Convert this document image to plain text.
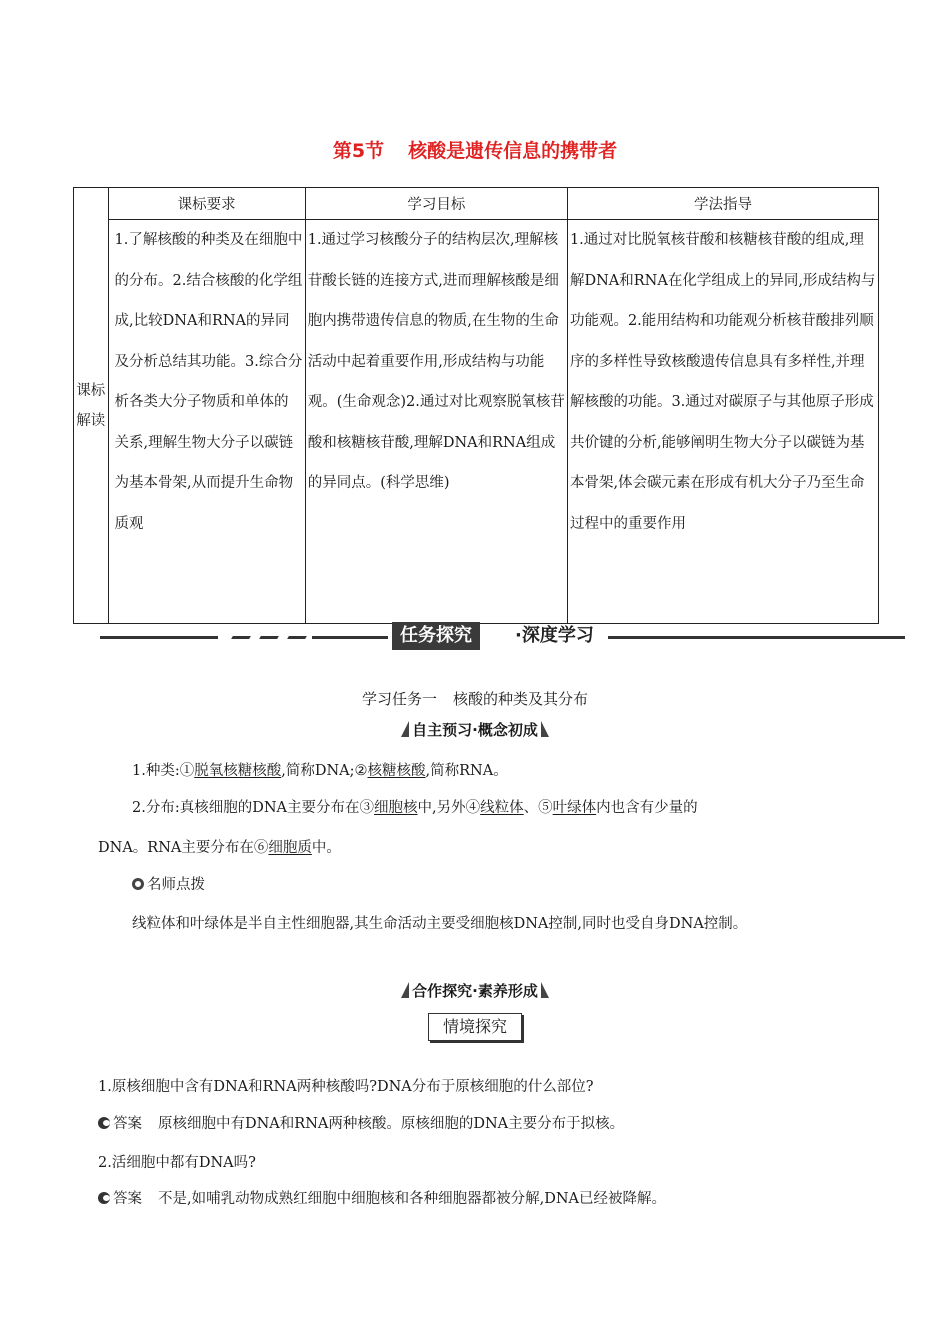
第5节 核酸是遗传信息的携带者
课标
解读	课标要求	学习目标	学法指导
	1.了解核酸的种类及在细胞中的分布。2.结合核酸的化学组成,比较DNA和RNA的异同及分析总结其功能。3.综合分析各类大分子物质和单体的关系,理解生物大分子以碳链为基本骨架,从而提升生命物质观	1.通过学习核酸分子的结构层次,理解核苷酸长链的连接方式,进而理解核酸是细胞内携带遗传信息的物质,在生物的生命活动中起着重要作用,形成结构与功能观。(生命观念)2.通过对比观察脱氧核苷酸和核糖核苷酸,理解DNA和RNA组成的异同点。(科学思维)	1.通过对比脱氧核苷酸和核糖核苷酸的组成,理解DNA和RNA在化学组成上的异同,形成结构与功能观。2.能用结构和功能观分析核苷酸排列顺序的多样性导致核酸遗传信息具有多样性,并理解核酸的功能。3.通过对碳原子与其他原子形成共价键的分析,能够阐明生物大分子以碳链为基本骨架,体会碳元素在形成有机大分子乃至生命过程中的重要作用
任务探究	·深度学习
学习任务一 核酸的种类及其分布
自主预习·概念初成
1.种类:①脱氧核糖核酸,简称DNA;②核糖核酸,简称RNA。
2.分布:真核细胞的DNA主要分布在③细胞核中,另外④线粒体、⑤叶绿体内也含有少量的
DNA。RNA主要分布在⑥细胞质中。
名师点拨
线粒体和叶绿体是半自主性细胞器,其生命活动主要受细胞核DNA控制,同时也受自身DNA控制。
合作探究·素养形成
情境探究
1.原核细胞中含有DNA和RNA两种核酸吗?DNA分布于原核细胞的什么部位?
答案 原核细胞中有DNA和RNA两种核酸。原核细胞的DNA主要分布于拟核。
2.活细胞中都有DNA吗?
答案 不是,如哺乳动物成熟红细胞中细胞核和各种细胞器都被分解,DNA已经被降解。
